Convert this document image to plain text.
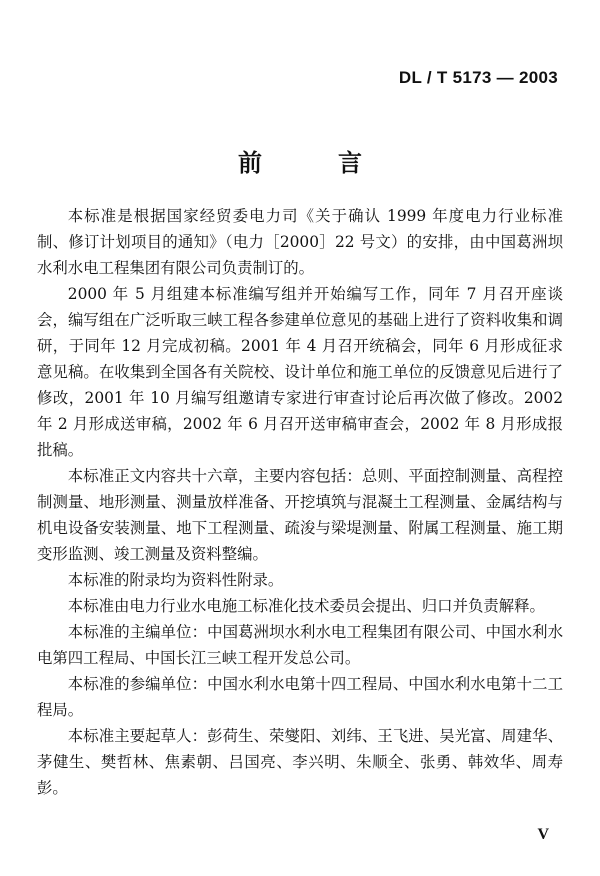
DL / T 5173 — 2003
前　言

本标准是根据国家经贸委电力司《关于确认 1999 年度电力行业标准制、修订计划项目的通知》（电力［2000］22 号文）的安排，由中国葛洲坝水利水电工程集团有限公司负责制订的。

2000 年 5 月组建本标准编写组并开始编写工作，同年 7 月召开座谈会，编写组在广泛听取三峡工程各参建单位意见的基础上进行了资料收集和调研，于同年 12 月完成初稿。2001 年 4 月召开统稿会，同年 6 月形成征求意见稿。在收集到全国各有关院校、设计单位和施工单位的反馈意见后进行了修改，2001 年 10 月编写组邀请专家进行审查讨论后再次做了修改。2002 年 2 月形成送审稿，2002 年 6 月召开送审稿审查会，2002 年 8 月形成报批稿。

本标准正文内容共十六章，主要内容包括：总则、平面控制测量、高程控制测量、地形测量、测量放样准备、开挖填筑与混凝土工程测量、金属结构与机电设备安装测量、地下工程测量、疏浚与梁堤测量、附属工程测量、施工期变形监测、竣工测量及资料整编。

本标准的附录均为资料性附录。

本标准由电力行业水电施工标准化技术委员会提出、归口并负责解释。

本标准的主编单位：中国葛洲坝水利水电工程集团有限公司、中国水利水电第四工程局、中国长江三峡工程开发总公司。

本标准的参编单位：中国水利水电第十四工程局、中国水利水电第十二工程局。

本标准主要起草人：彭荷生、荣燮阳、刘纬、王飞进、吴光富、周建华、茅健生、樊哲林、焦素朝、吕国亮、李兴明、朱顺全、张勇、韩效华、周寿彭。

V
